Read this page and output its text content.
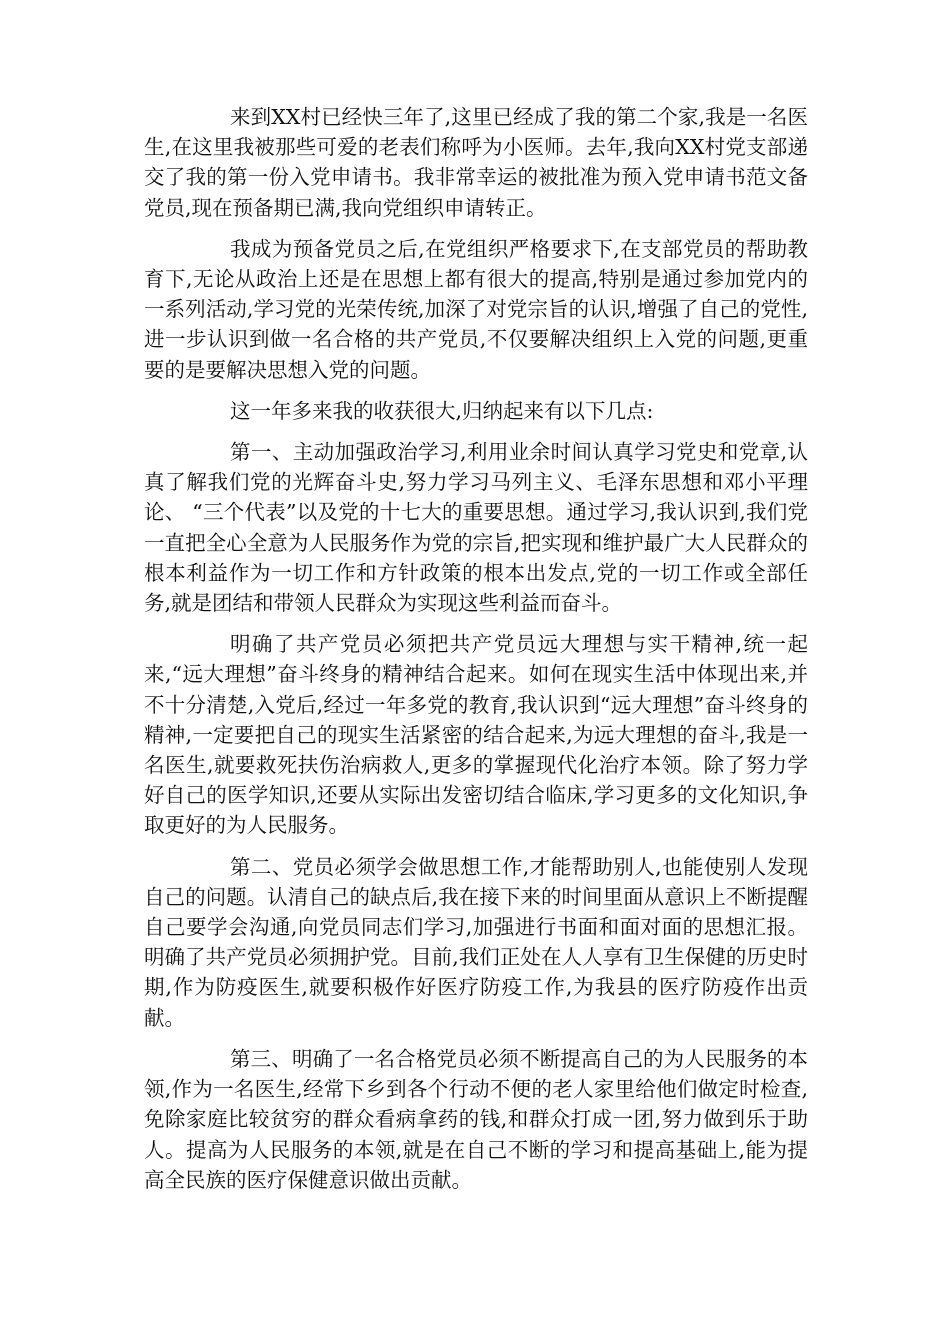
来到XX村已经快三年了,这里已经成了我的第二个家,我是一名医生,在这里我被那些可爱的老表们称呼为小医师。去年,我向XX村党支部递交了我的第一份入党申请书。我非常幸运的被批准为预入党申请书范文备党员,现在预备期已满,我向党组织申请转正。

我成为预备党员之后,在党组织严格要求下,在支部党员的帮助教育下,无论从政治上还是在思想上都有很大的提高,特别是通过参加党内的一系列活动,学习党的光荣传统,加深了对党宗旨的认识,增强了自己的党性,进一步认识到做一名合格的共产党员,不仅要解决组织上入党的问题,更重要的是要解决思想入党的问题。

这一年多来我的收获很大,归纳起来有以下几点:

第一、主动加强政治学习,利用业余时间认真学习党史和党章,认真了解我们党的光辉奋斗史,努力学习马列主义、毛泽东思想和邓小平理论、 “三个代表”以及党的十七大的重要思想。通过学习,我认识到,我们党一直把全心全意为人民服务作为党的宗旨,把实现和维护最广大人民群众的根本利益作为一切工作和方针政策的根本出发点,党的一切工作或全部任务,就是团结和带领人民群众为实现这些利益而奋斗。

明确了共产党员必须把共产党员远大理想与实干精神,统一起来,“远大理想”奋斗终身的精神结合起来。如何在现实生活中体现出来,并不十分清楚,入党后,经过一年多党的教育,我认识到“远大理想”奋斗终身的精神,一定要把自己的现实生活紧密的结合起来,为远大理想的奋斗,我是一名医生,就要救死扶伤治病救人,更多的掌握现代化治疗本领。除了努力学好自己的医学知识,还要从实际出发密切结合临床,学习更多的文化知识,争取更好的为人民服务。

第二、党员必须学会做思想工作,才能帮助别人,也能使别人发现自己的问题。认清自己的缺点后,我在接下来的时间里面从意识上不断提醒自己要学会沟通,向党员同志们学习,加强进行书面和面对面的思想汇报。明确了共产党员必须拥护党。目前,我们正处在人人享有卫生保健的历史时期,作为防疫医生,就要积极作好医疗防疫工作,为我县的医疗防疫作出贡献。

第三、明确了一名合格党员必须不断提高自己的为人民服务的本领,作为一名医生,经常下乡到各个行动不便的老人家里给他们做定时检查,免除家庭比较贫穷的群众看病拿药的钱,和群众打成一团,努力做到乐于助人。提高为人民服务的本领,就是在自己不断的学习和提高基础上,能为提高全民族的医疗保健意识做出贡献。
